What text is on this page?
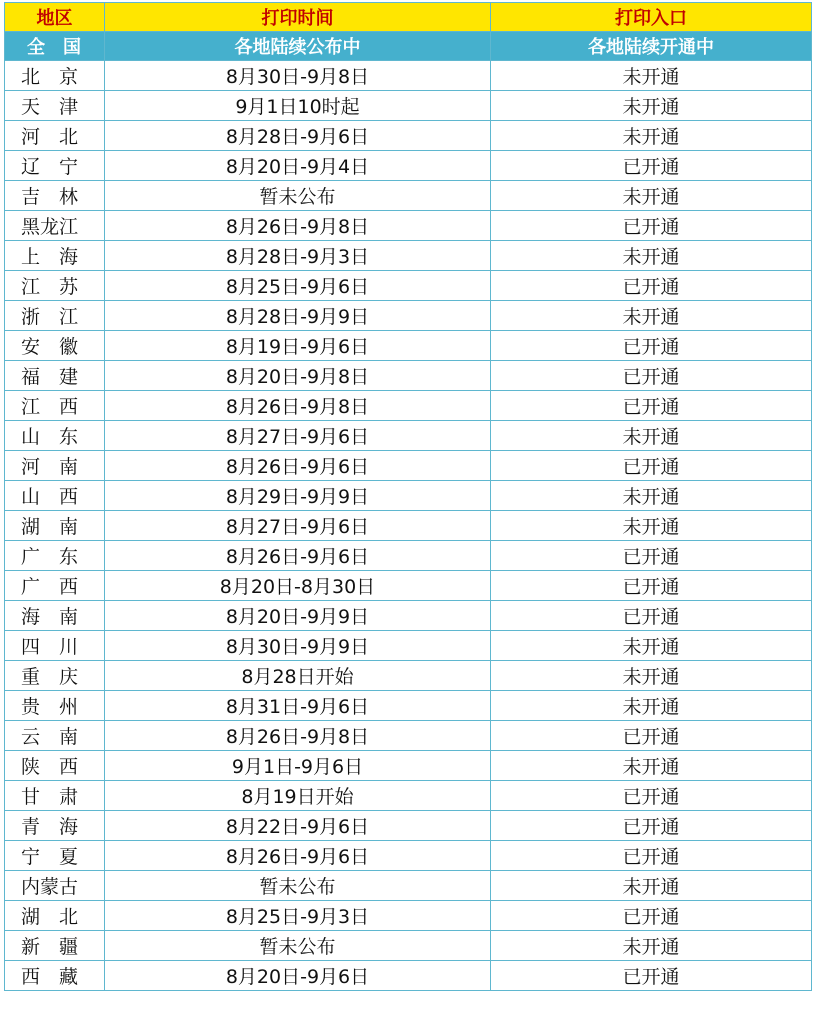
地区	打印时间	打印入口
全　国	各地陆续公布中	各地陆续开通中
北　京	8月30日-9月8日	未开通
天　津	9月1日10时起	未开通
河　北	8月28日-9月6日	未开通
辽　宁	8月20日-9月4日	已开通
吉　林	暂未公布	未开通
黑龙江	8月26日-9月8日	已开通
上　海	8月28日-9月3日	未开通
江　苏	8月25日-9月6日	已开通
浙　江	8月28日-9月9日	未开通
安　徽	8月19日-9月6日	已开通
福　建	8月20日-9月8日	已开通
江　西	8月26日-9月8日	已开通
山　东	8月27日-9月6日	未开通
河　南	8月26日-9月6日	已开通
山　西	8月29日-9月9日	未开通
湖　南	8月27日-9月6日	未开通
广　东	8月26日-9月6日	已开通
广　西	8月20日-8月30日	已开通
海　南	8月20日-9月9日	已开通
四　川	8月30日-9月9日	未开通
重　庆	8月28日开始	未开通
贵　州	8月31日-9月6日	未开通
云　南	8月26日-9月8日	已开通
陕　西	9月1日-9月6日	未开通
甘　肃	8月19日开始	已开通
青　海	8月22日-9月6日	已开通
宁　夏	8月26日-9月6日	已开通
内蒙古	暂未公布	未开通
湖　北	8月25日-9月3日	已开通
新　疆	暂未公布	未开通
西　藏	8月20日-9月6日	已开通
